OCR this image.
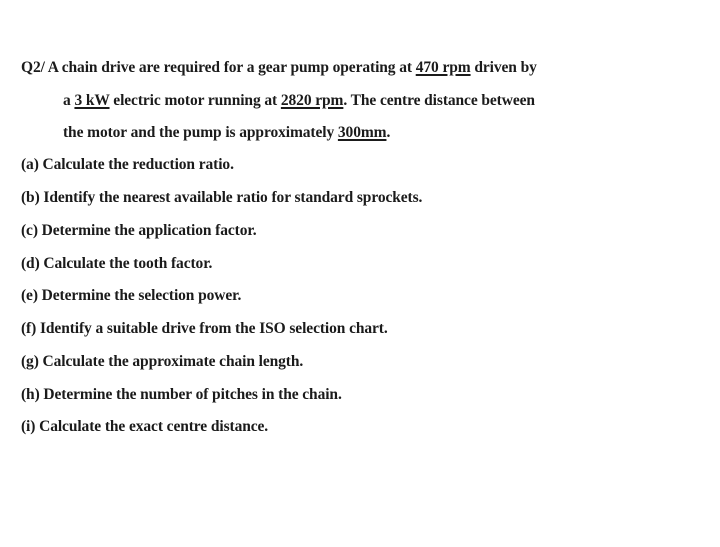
Q2/ A chain drive are required for a gear pump operating at 470 rpm driven by
a 3 kW electric motor running at 2820 rpm. The centre distance between
the motor and the pump is approximately 300mm.
(a) Calculate the reduction ratio.
(b) Identify the nearest available ratio for standard sprockets.
(c) Determine the application factor.
(d) Calculate the tooth factor.
(e) Determine the selection power.
(f) Identify a suitable drive from the ISO selection chart.
(g) Calculate the approximate chain length.
(h) Determine the number of pitches in the chain.
(i) Calculate the exact centre distance.
